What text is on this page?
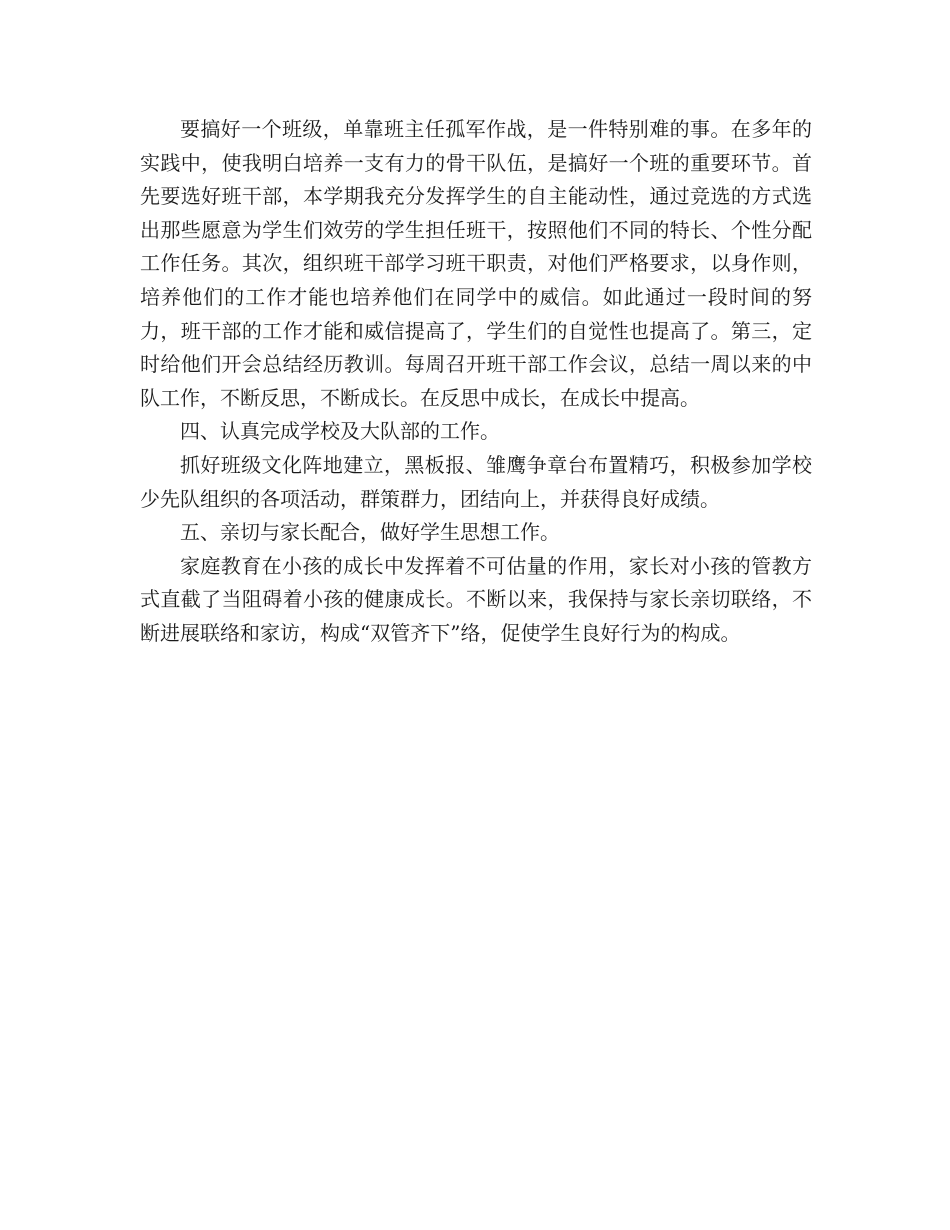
要搞好一个班级，单靠班主任孤军作战，是一件特别难的事。在多年的实践中，使我明白培养一支有力的骨干队伍，是搞好一个班的重要环节。首先要选好班干部，本学期我充分发挥学生的自主能动性，通过竞选的方式选出那些愿意为学生们效劳的学生担任班干，按照他们不同的特长、个性分配工作任务。其次，组织班干部学习班干职责，对他们严格要求，以身作则，培养他们的工作才能也培养他们在同学中的威信。如此通过一段时间的努力，班干部的工作才能和威信提高了，学生们的自觉性也提高了。第三，定时给他们开会总结经历教训。每周召开班干部工作会议，总结一周以来的中队工作，不断反思，不断成长。在反思中成长，在成长中提高。

四、认真完成学校及大队部的工作。

抓好班级文化阵地建立，黑板报、雏鹰争章台布置精巧，积极参加学校少先队组织的各项活动，群策群力，团结向上，并获得良好成绩。

五、亲切与家长配合，做好学生思想工作。

家庭教育在小孩的成长中发挥着不可估量的作用，家长对小孩的管教方式直截了当阻碍着小孩的健康成长。不断以来，我保持与家长亲切联络，不断进展联络和家访，构成“双管齐下”络，促使学生良好行为的构成。
